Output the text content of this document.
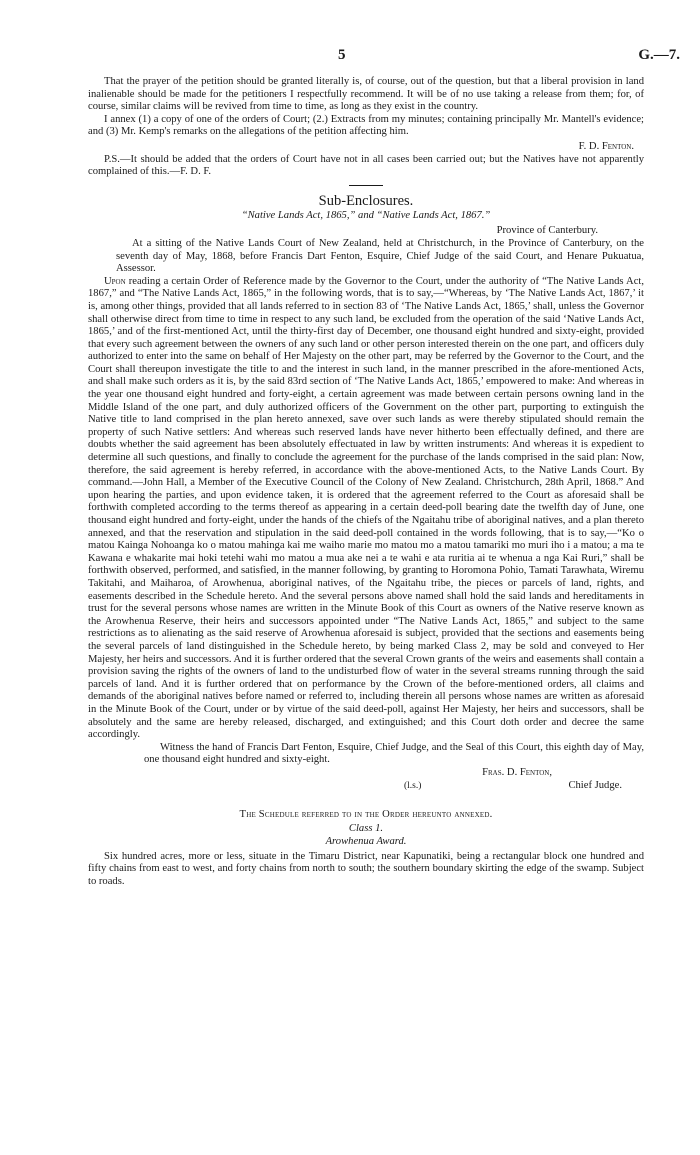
5	G.—7.

That the prayer of the petition should be granted literally is, of course, out of the question, but that a liberal provision in land inalienable should be made for the petitioners I respectfully recommend. It will be of no use taking a release from them; for, of course, similar claims will be revived from time to time, as long as they exist in the country.

I annex (1) a copy of one of the orders of Court; (2.) Extracts from my minutes; containing principally Mr. Mantell's evidence; and (3) Mr. Kemp's remarks on the allegations of the petition affecting him.

F. D. Fenton.

P.S.—It should be added that the orders of Court have not in all cases been carried out; but the Natives have not apparently complained of this.—F. D. F.

Sub-Enclosures.
“Native Lands Act, 1865,” and “Native Lands Act, 1867.”
Province of Canterbury.

At a sitting of the Native Lands Court of New Zealand, held at Christchurch, in the Province of Canterbury, on the seventh day of May, 1868, before Francis Dart Fenton, Esquire, Chief Judge of the said Court, and Henare Pukuatua, Assessor.

Upon reading a certain Order of Reference made by the Governor to the Court, under the authority of “The Native Lands Act, 1867,” and “The Native Lands Act, 1865,” in the following words, that is to say,—“Whereas, by ‘The Native Lands Act, 1867,’ it is, among other things, provided that all lands referred to in section 83 of ‘The Native Lands Act, 1865,’ shall, unless the Governor shall otherwise direct from time to time in respect to any such land, be excluded from the operation of the said ‘Native Lands Act, 1865,’ and of the first-mentioned Act, until the thirty-first day of December, one thousand eight hundred and sixty-eight, provided that every such agreement between the owners of any such land or other person interested therein on the one part, and officers duly authorized to enter into the same on behalf of Her Majesty on the other part, may be referred by the Governor to the Court, and the Court shall thereupon investigate the title to and the interest in such land, in the manner prescribed in the afore-mentioned Acts, and shall make such orders as it is, by the said 83rd section of ‘The Native Lands Act, 1865,’ empowered to make: And whereas in the year one thousand eight hundred and forty-eight, a certain agreement was made between certain persons owning land in the Middle Island of the one part, and duly authorized officers of the Government on the other part, purporting to extinguish the Native title to land comprised in the plan hereto annexed, save over such lands as were thereby stipulated should remain the property of such Native settlers: And whereas such reserved lands have never hitherto been effectually defined, and there are doubts whether the said agreement has been absolutely effectuated in law by written instruments: And whereas it is expedient to determine all such questions, and finally to conclude the agreement for the purchase of the lands comprised in the said plan: Now, therefore, the said agreement is hereby referred, in accordance with the above-mentioned Acts, to the Native Lands Court. By command.—John Hall, a Member of the Executive Council of the Colony of New Zealand. Christchurch, 28th April, 1868.” And upon hearing the parties, and upon evidence taken, it is ordered that the agreement referred to the Court as aforesaid shall be forthwith completed according to the terms thereof as appearing in a certain deed-poll bearing date the twelfth day of June, one thousand eight hundred and forty-eight, under the hands of the chiefs of the Ngaitahu tribe of aboriginal natives, and a plan thereto annexed, and that the reservation and stipulation in the said deed-poll contained in the words following, that is to say,—“Ko o matou Kainga Nohoanga ko o matou mahinga kai me waiho marie mo matou mo a matou tamariki mo muri iho i a matou; a ma te Kawana e whakarite mai hoki tetehi wahi mo matou a mua ake nei a te wahi e ata ruritia ai te whenua a nga Kai Ruri,” shall be forthwith observed, performed, and satisfied, in the manner following, by granting to Horomona Pohio, Tamati Tarawhata, Wiremu Takitahi, and Maiharoa, of Arowhenua, aboriginal natives, of the Ngaitahu tribe, the pieces or parcels of land, rights, and easements described in the Schedule hereto. And the several persons above named shall hold the said lands and hereditaments in trust for the several persons whose names are written in the Minute Book of this Court as owners of the Native reserve known as the Arowhenua Reserve, their heirs and successors appointed under “The Native Lands Act, 1865,” and subject to the same restrictions as to alienating as the said reserve of Arowhenua aforesaid is subject, provided that the sections and easements being the several parcels of land distinguished in the Schedule hereto, by being marked Class 2, may be sold and conveyed to Her Majesty, her heirs and successors. And it is further ordered that the several Crown grants of the weirs and easements shall contain a provision saving the rights of the owners of land to the undisturbed flow of water in the several streams running through the said parcels of land. And it is further ordered that on performance by the Crown of the before-mentioned orders, all claims and demands of the aboriginal natives before named or referred to, including therein all persons whose names are written as aforesaid in the Minute Book of the Court, under or by virtue of the said deed-poll, against Her Majesty, her heirs and successors, shall be absolutely and the same are hereby released, discharged, and extinguished; and this Court doth order and decree the same accordingly.

Witness the hand of Francis Dart Fenton, Esquire, Chief Judge, and the Seal of this Court, this eighth day of May, one thousand eight hundred and sixty-eight.

Fras. D. Fenton,
(l.s.)	Chief Judge.
The Schedule referred to in the Order hereunto annexed.
Class 1.
Arowhenua Award.

Six hundred acres, more or less, situate in the Timaru District, near Kapunatiki, being a rectangular block one hundred and fifty chains from east to west, and forty chains from north to south; the southern boundary skirting the edge of the swamp. Subject to roads.
